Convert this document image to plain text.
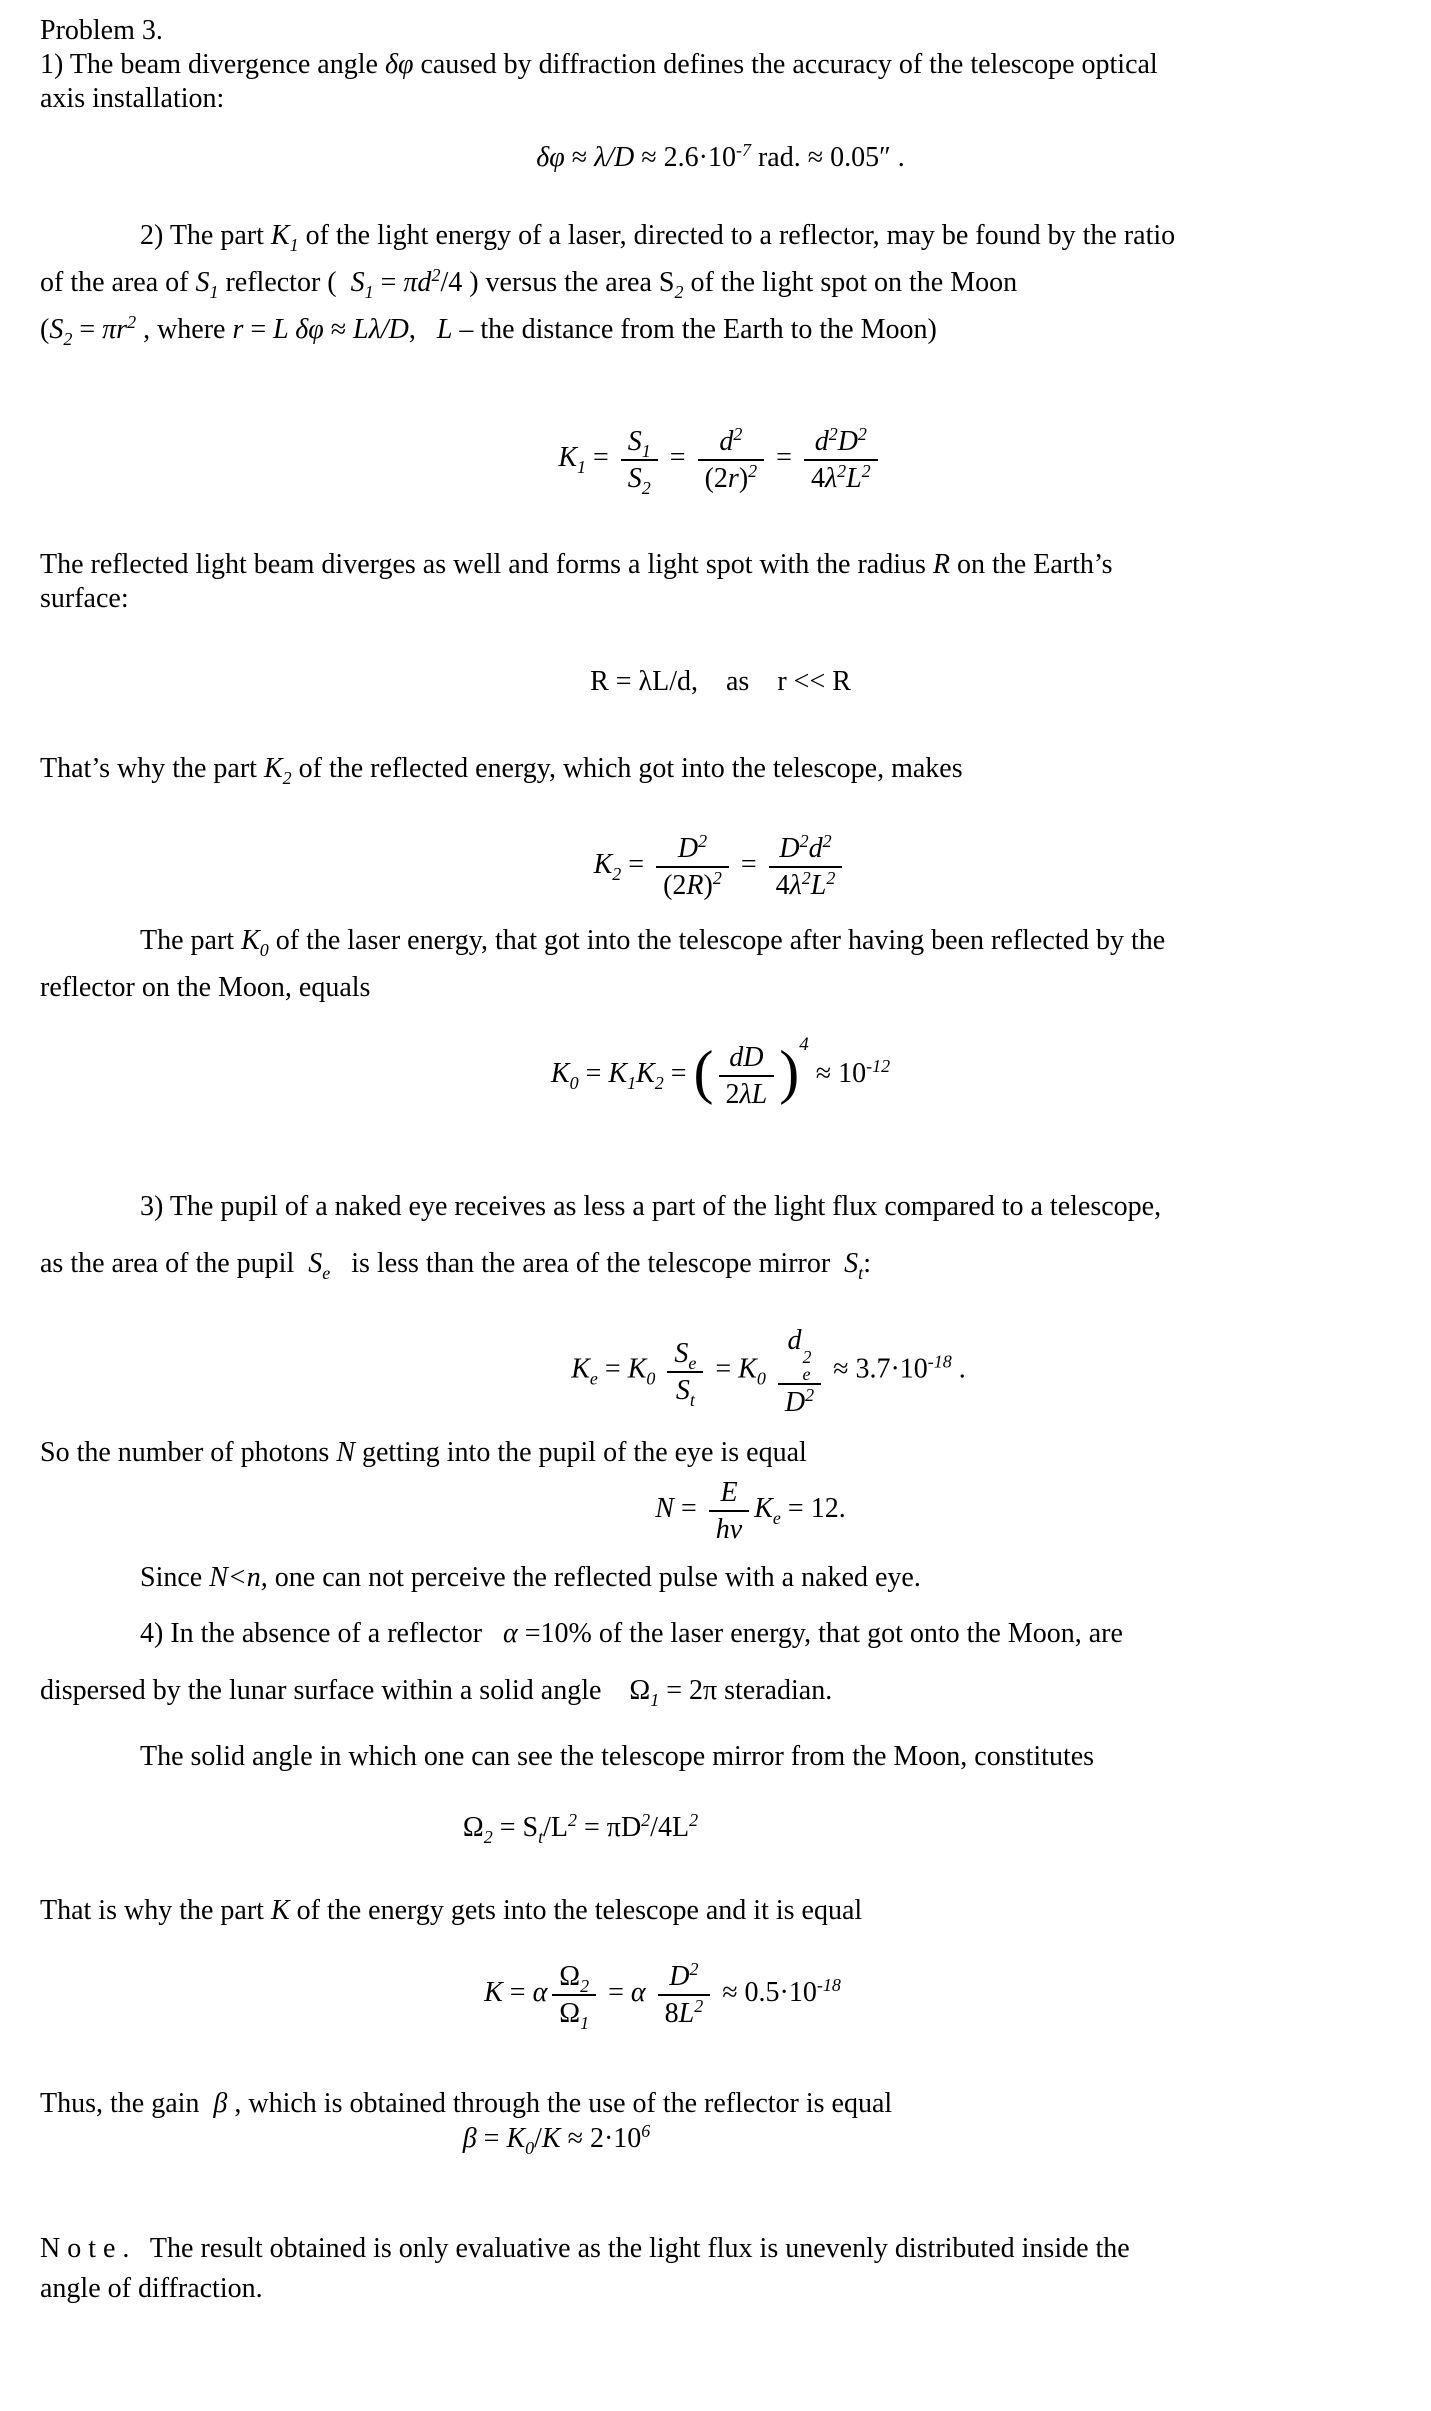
Problem 3.

1) The beam divergence angle δφ caused by diffraction defines the accuracy of the telescope optical
axis installation:

$\delta\varphi \approx \lambda/D \approx 2.6\cdot 10^{-7}$ rad. ≈ 0.05″ .

2) The part $K_1$ of the light energy of a laser, directed to a reflector, may be found by the ratio
of the area of $S_1$ reflector (  $S_1 = \pi d^2/4$ ) versus the area $S_2$ of the light spot on the Moon
($S_2 = \pi r^2$ , where r = L δφ ≈ Lλ/D,   L – the distance from the Earth to the Moon)

$K_1 = \frac{S_1}{S_2} = \frac{d^2}{(2r)^2} = \frac{d^2D^2}{4\lambda^2L^2}$

The reflected light beam diverges as well and forms a light spot with the radius R on the Earth’s
surface:

R = λL/d,    as    r << R

That’s why the part $K_2$ of the reflected energy, which got into the telescope, makes

$K_2 = \frac{D^2}{(2R)^2} = \frac{D^2d^2}{4\lambda^2L^2}$

The part $K_0$ of the laser energy, that got into the telescope after having been reflected by the
reflector on the Moon, equals

$K_0 = K_1K_2$ = ( $\frac{dD}{2\lambda L} )^4 \approx 10^{-12}$

3) The pupil of a naked eye receives as less a part of the light flux compared to a telescope,
as the area of the pupil  $S_e$   is less than the area of the telescope mirror  $S_t$:

$K_e = K_0 \frac{S_e}{S_t} = K_0$ d
2
e
$D^2 \approx 3.7\cdot 10^{-18}$ .

So the number of photons N getting into the pupil of the eye is equal

$N = \frac{E}{h\nu} K_e = 12$.

Since N<n, one can not perceive the reflected pulse with a naked eye.

4) In the absence of a reflector   α =10% of the laser energy, that got onto the Moon, are
dispersed by the lunar surface within a solid angle    $\Omega_1 = 2\pi$ steradian.

The solid angle in which one can see the telescope mirror from the Moon, constitutes

$\Omega_2 = S_t/L^2 = \pi D^2/4L^2$

That is why the part K of the energy gets into the telescope and it is equal

K = α $\frac{\Omega_2}{\Omega_1} = \alpha \frac{D^2}{8L^2} \approx 0.5\cdot 10^{-18}$

Thus, the gain  β , which is obtained through the use of the reflector is equal

$\beta = K_0/K \approx 2\cdot 10^6$

Note.  The result obtained is only evaluative as the light flux is unevenly distributed inside the
angle of diffraction.
